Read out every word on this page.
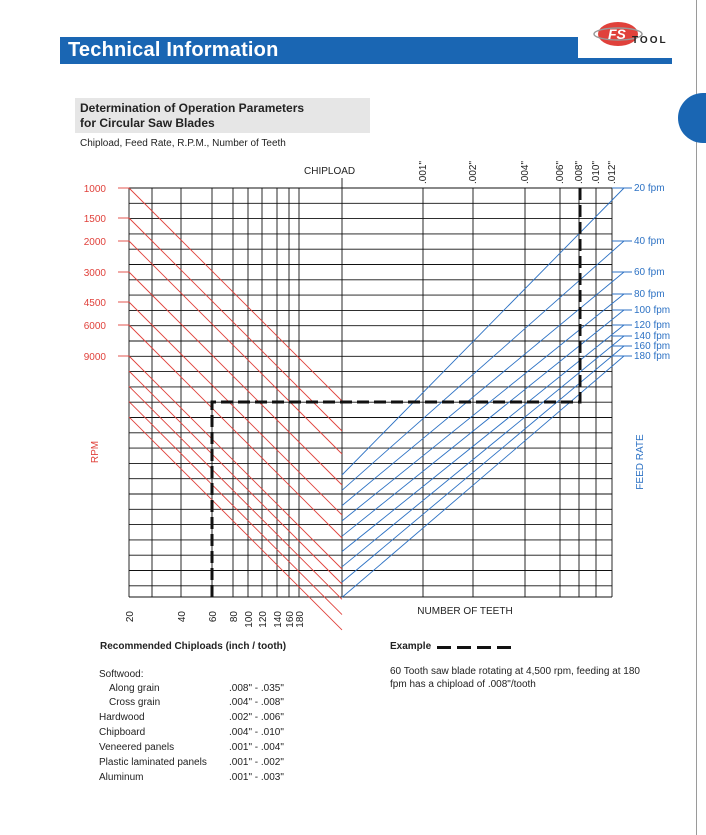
Technical Information
FS TOOL
Determination of Operation Parameters
for Circular Saw Blades
Chipload, Feed Rate, R.P.M., Number of Teeth
CHIPLOAD	.001"	.002"	.004" .006" .008" .010" .012"
1000
1500
2000
3000
4500
6000
9000
RPM
20 fpm
40 fpm
60 fpm
80 fpm
100 fpm
120 fpm
140 fpm
160 fpm
180 fpm
FEED RATE
20	40 60 80 100 120 140 160 180	NUMBER OF TEETH
Recommended Chiploads (inch / tooth)
Softwood:
Along grain	.008" - .035"
Cross grain	.004" - .008"
Hardwood	.002" - .006"
Chipboard	.004" - .010"
Veneered panels	.001" - .004"
Plastic laminated panels .001" - .002"
Aluminum	.001" - .003"
Example
60 Tooth saw blade rotating at 4,500 rpm, feeding at 180 fpm has a chipload of .008"/tooth
